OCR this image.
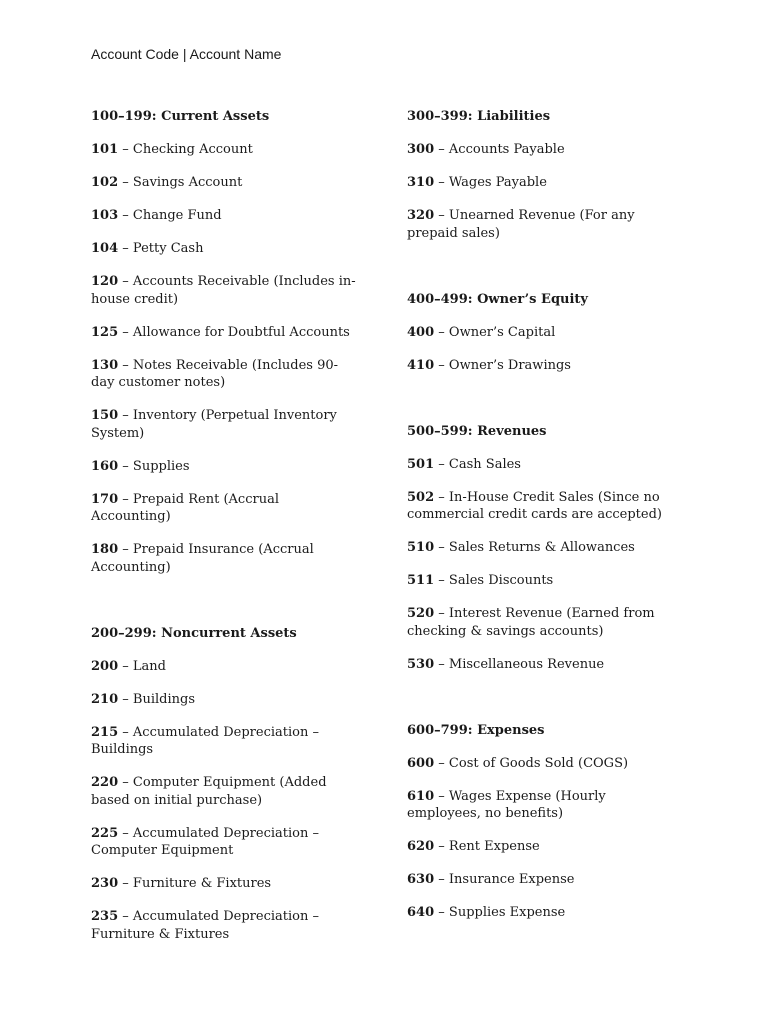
Account Code | Account Name
100–199: Current Assets
101 – Checking Account
102 – Savings Account
103 – Change Fund
104 – Petty Cash
120 – Accounts Receivable (Includes in-house credit)
125 – Allowance for Doubtful Accounts
130 – Notes Receivable (Includes 90-day customer notes)
150 – Inventory (Perpetual Inventory System)
160 – Supplies
170 – Prepaid Rent (Accrual Accounting)
180 – Prepaid Insurance (Accrual Accounting)
200–299: Noncurrent Assets
200 – Land
210 – Buildings
215 – Accumulated Depreciation – Buildings
220 – Computer Equipment (Added based on initial purchase)
225 – Accumulated Depreciation – Computer Equipment
230 – Furniture & Fixtures
235 – Accumulated Depreciation – Furniture & Fixtures
300–399: Liabilities
300 – Accounts Payable
310 – Wages Payable
320 – Unearned Revenue (For any prepaid sales)
400–499: Owner’s Equity
400 – Owner’s Capital
410 – Owner’s Drawings
500–599: Revenues
501 – Cash Sales
502 – In-House Credit Sales (Since no commercial credit cards are accepted)
510 – Sales Returns & Allowances
511 – Sales Discounts
520 – Interest Revenue (Earned from checking & savings accounts)
530 – Miscellaneous Revenue
600–799: Expenses
600 – Cost of Goods Sold (COGS)
610 – Wages Expense (Hourly employees, no benefits)
620 – Rent Expense
630 – Insurance Expense
640 – Supplies Expense
